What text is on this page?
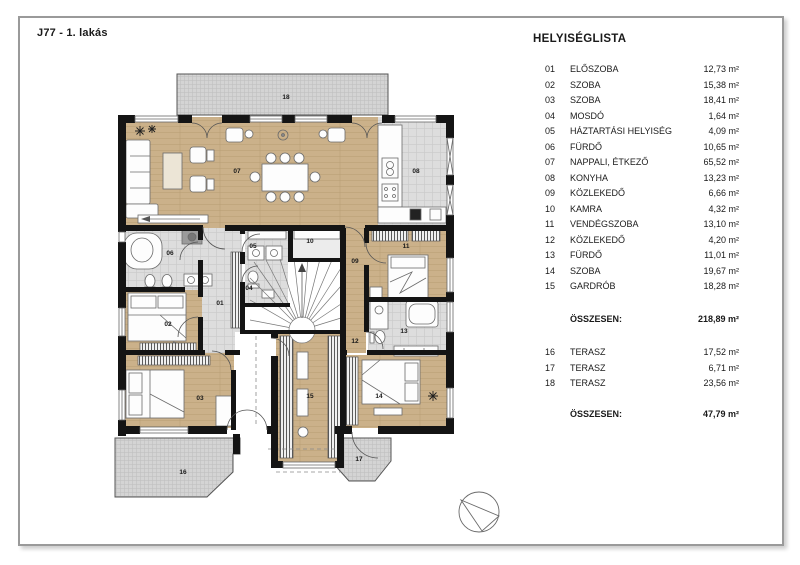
J77 - 1. lakás
01
02
03
04
05
06
07	08
09
10
11
12
13
14
15
16
17
18
HELYISÉGLISTA
01	ELŐSZOBA	12,73 m²
02	SZOBA	15,38 m²
03	SZOBA	18,41 m²
04	MOSDÓ	1,64 m²
05	HÁZTARTÁSI HELYISÉG	4,09 m²
06	FÜRDŐ	10,65 m²
07	NAPPALI, ÉTKEZŐ	65,52 m²
08	KONYHA	13,23 m²
09	KÖZLEKEDŐ	6,66 m²
10	KAMRA	4,32 m²
11	VENDÉGSZOBA	13,10 m²
12	KÖZLEKEDŐ	4,20 m²
13	FÜRDŐ	11,01 m²
14	SZOBA	19,67 m²
15	GARDRÓB	18,28 m²
ÖSSZESEN:	218,89 m²
16	TERASZ	17,52 m²
17	TERASZ	6,71 m²
18	TERASZ	23,56 m²
ÖSSZESEN:	47,79 m²
